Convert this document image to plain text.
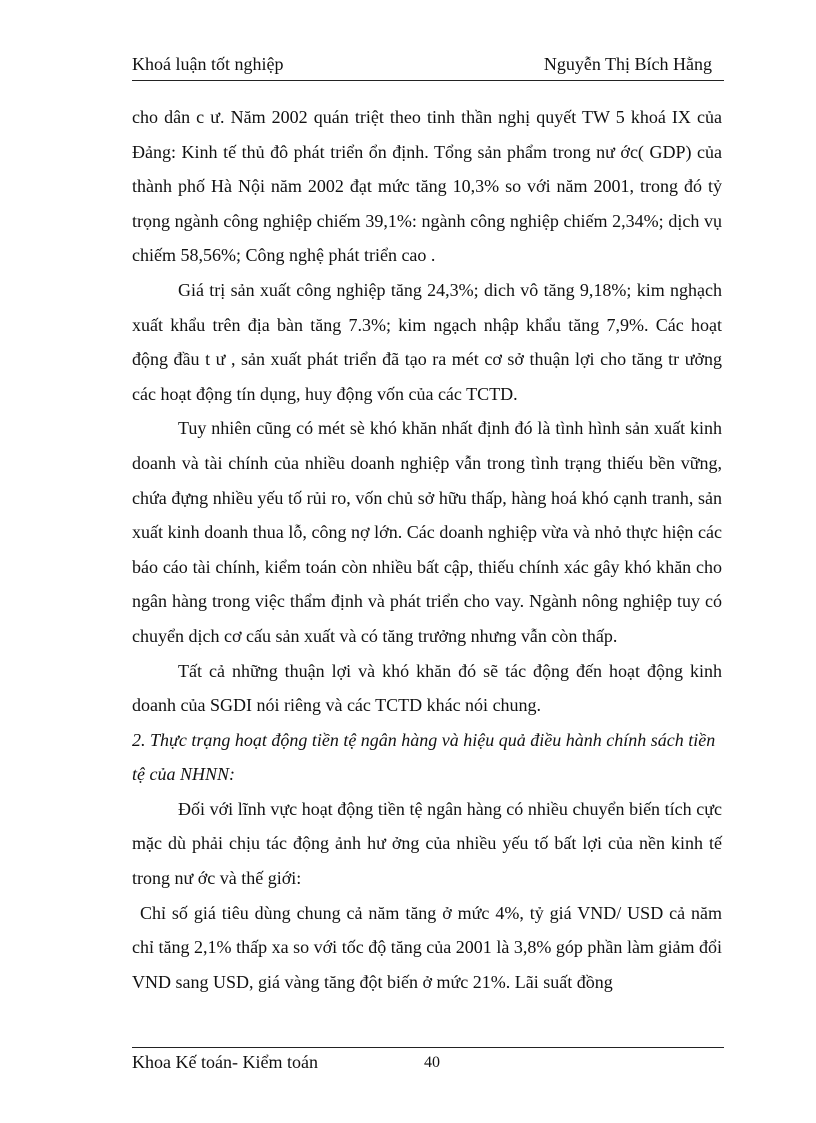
Khoá luận tốt nghiệp	Nguyễn Thị Bích Hằng

cho dân c ư. Năm 2002 quán triệt theo tinh thần nghị quyết TW 5 khoá IX của Đảng: Kinh tế thủ đô phát triển ổn định. Tổng sản phẩm trong nư ớc( GDP) của thành phố Hà Nội năm 2002 đạt mức tăng 10,3% so với năm 2001, trong đó tỷ trọng ngành công nghiệp chiếm 39,1%: ngành công nghiệp chiếm 2,34%; dịch vụ chiếm 58,56%; Công nghệ phát triển cao .

Giá trị sản xuất công nghiệp tăng 24,3%; dich vô tăng 9,18%; kim nghạch xuất khẩu trên địa bàn tăng 7.3%; kim ngạch nhập khẩu tăng 7,9%. Các hoạt động đầu t ư , sản xuất phát triển đã tạo ra mét cơ sở thuận lợi cho tăng tr ưởng các hoạt động tín dụng, huy động vốn của các TCTD.

Tuy nhiên cũng có mét sè khó khăn nhất định đó là tình hình sản xuất kinh doanh và tài chính của nhiều doanh nghiệp vẫn trong tình trạng thiếu bền vững, chứa đựng nhiều yếu tố rủi ro, vốn chủ sở hữu thấp, hàng hoá khó cạnh tranh, sản xuất kinh doanh thua lỗ, công nợ lớn. Các doanh nghiệp vừa và nhỏ thực hiện các báo cáo tài chính, kiểm toán còn nhiều bất cập, thiếu chính xác gây khó khăn cho ngân hàng trong việc thẩm định và phát triển cho vay. Ngành nông nghiệp tuy có chuyển dịch cơ cấu sản xuất và có tăng trưởng nhưng vẫn còn thấp.

Tất cả những thuận lợi và khó khăn đó sẽ tác động đến hoạt động kinh doanh của SGDI nói riêng và các TCTD khác nói chung.

2. Thực trạng hoạt động tiền tệ ngân hàng và hiệu quả điều hành chính sách tiền tệ của NHNN:

Đối với lĩnh vực hoạt động tiền tệ ngân hàng có nhiều chuyển biến tích cực mặc dù phải chịu tác động ảnh hư ởng của nhiều yếu tố bất lợi của nền kinh tế trong nư ớc và thế giới:

Chỉ số giá tiêu dùng chung cả năm tăng ở mức 4%, tỷ giá VND/ USD cả năm chỉ tăng 2,1% thấp xa so với tốc độ tăng của 2001 là 3,8% góp phần làm giảm đổi VND sang USD, giá vàng tăng đột biến ở mức 21%. Lãi suất đồng

Khoa Kế toán- Kiểm toán	40
